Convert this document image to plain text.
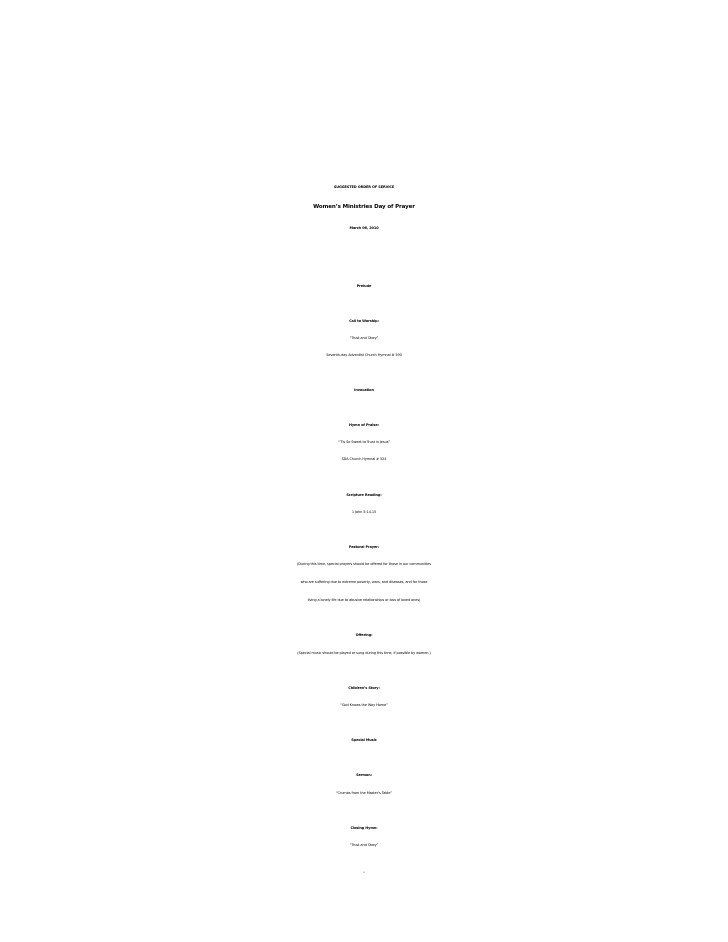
SUGGESTED ORDER OF SERVICE
Women’s Ministries Day of Prayer
March 06, 2010
Prelude
Call to Worship:
“Trust and Obey”
Seventh-day Adventist Church Hymnal # 590
Invocation
Hymn of Praise:
“’Tis So Sweet to Trust in Jesus”
SDA Church Hymnal # 524
Scripture Reading:
1 John 5:14-15
Pastoral Prayer:
(During this time, special prayers should be offered for those in our communities
who are suffering due to extreme poverty, wars, and diseases, and for those
living a lonely life due to abusive relationships or loss of loved ones)
Offering:
(Special music should be played or sung during this time, if possible by women.)
Children’s Story:
“God Knows the Way Home”
Special Music
Sermon:
“Crumbs from the Master’s Table”
Closing Hymn:
“Trust and Obey”
5
